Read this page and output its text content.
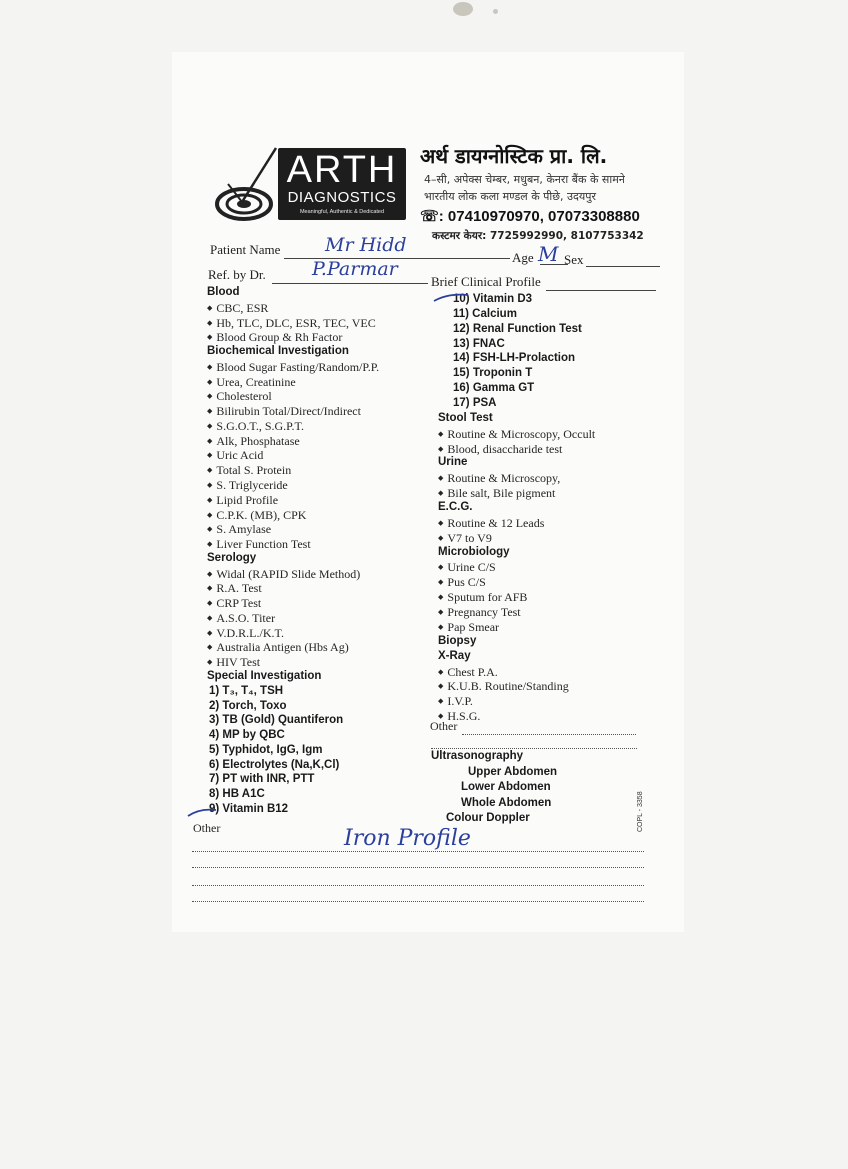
ARTH
DIAGNOSTICS
Meaningful, Authentic & Dedicated
अर्थ डायग्नोस्टिक प्रा. लि.
4–सी, अपेक्स चेम्बर, मधुबन, केनरा बैंक के सामने
भारतीय लोक कला मण्डल के पीछे, उदयपुर
☏: 07410970970, 07073308880
कस्टमर केयर: 7725992990, 8107753342
Patient Name Mr Hidd
Age Sex
M
Ref. by Dr. P.Parmar
Brief Clinical Profile
Blood
◆ CBC, ESR
◆ Hb, TLC, DLC, ESR, TEC, VEC
◆ Blood Group & Rh Factor
Biochemical Investigation
◆ Blood Sugar Fasting/Random/P.P.
◆ Urea, Creatinine
◆ Cholesterol
◆ Bilirubin Total/Direct/Indirect
◆ S.G.O.T., S.G.P.T.
◆ Alk, Phosphatase
◆ Uric Acid
◆ Total S. Protein
◆ S. Triglyceride
◆ Lipid Profile
◆ C.P.K. (MB), CPK
◆ S. Amylase
◆ Liver Function Test
Serology
◆ Widal (RAPID Slide Method)
◆ R.A. Test
◆ CRP Test
◆ A.S.O. Titer
◆ V.D.R.L./K.T.
◆ Australia Antigen (Hbs Ag)
◆ HIV Test
Special Investigation
1) T₃, T₄, TSH
2) Torch, Toxo
3) TB (Gold) Quantiferon
4) MP by QBC
5) Typhidot, IgG, Igm
6) Electrolytes (Na,K,Cl)
7) PT with INR, PTT
8) HB A1C
9) Vitamin B12
10) Vitamin D3
11) Calcium
12) Renal Function Test
13) FNAC
14) FSH-LH-Prolaction
15) Troponin T
16) Gamma GT
17) PSA
Stool Test
◆ Routine & Microscopy, Occult
◆ Blood, disaccharide test
Urine
◆ Routine & Microscopy,
◆ Bile salt, Bile pigment
E.C.G.
◆ Routine & 12 Leads
◆ V7 to V9
Microbiology
◆ Urine C/S
◆ Pus C/S
◆ Sputum for AFB
◆ Pregnancy Test
◆ Pap Smear
Biopsy
X-Ray
◆ Chest P.A.
◆ K.U.B. Routine/Standing
◆ I.V.P.
◆ H.S.G.
Other
Ultrasonography
Upper Abdomen
Lower Abdomen
Whole Abdomen
Colour Doppler	COPL - 3358
Other	Iron Profile
